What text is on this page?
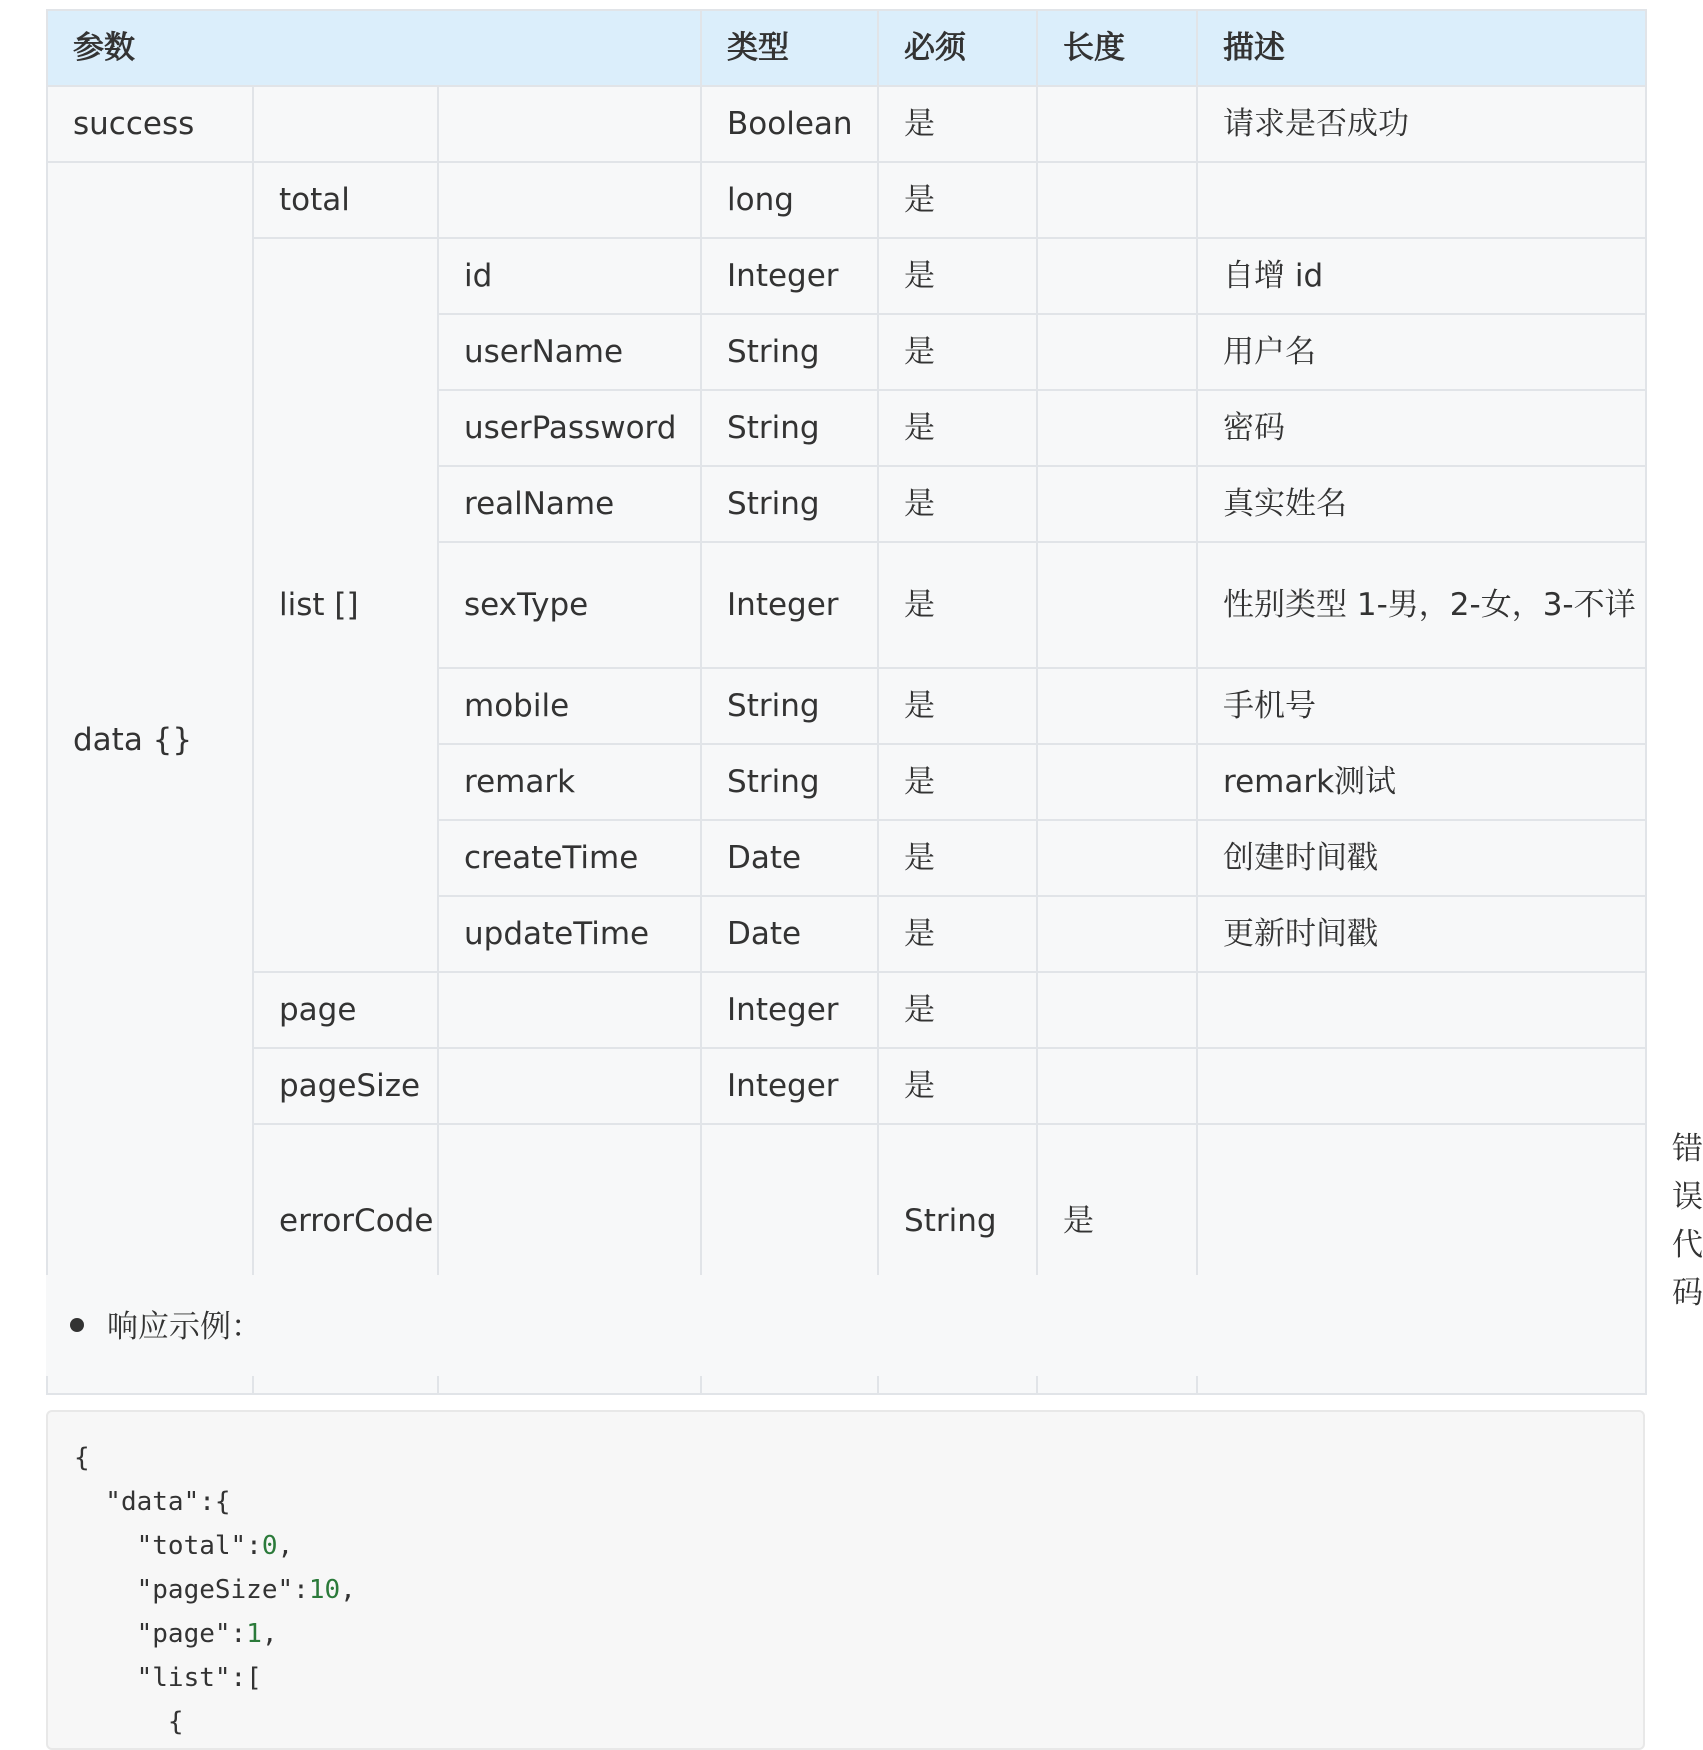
参数			类型	必须	长度	描述	
success			Boolean	是		请求是否成功	
data {}	total		long	是			
	list []	id	Integer	是		自增 id	
		userName	String	是		用户名	
		userPassword	String	是		密码	
		realName	String	是		真实姓名	
		sexType	Integer	是		性别类型 1-男，2-女，3-不详	
		mobile	String	是		手机号	
		remark	String	是		remark测试	
		createTime	Date	是		创建时间戳	
		updateTime	Date	是		更新时间戳	
	page		Integer	是			
	pageSize		Integer	是			
	errorCode			String	是		错误代码

响应示例：
{
"data":{
"total":0,
"pageSize":10,
"page":1,
"list":[
{
